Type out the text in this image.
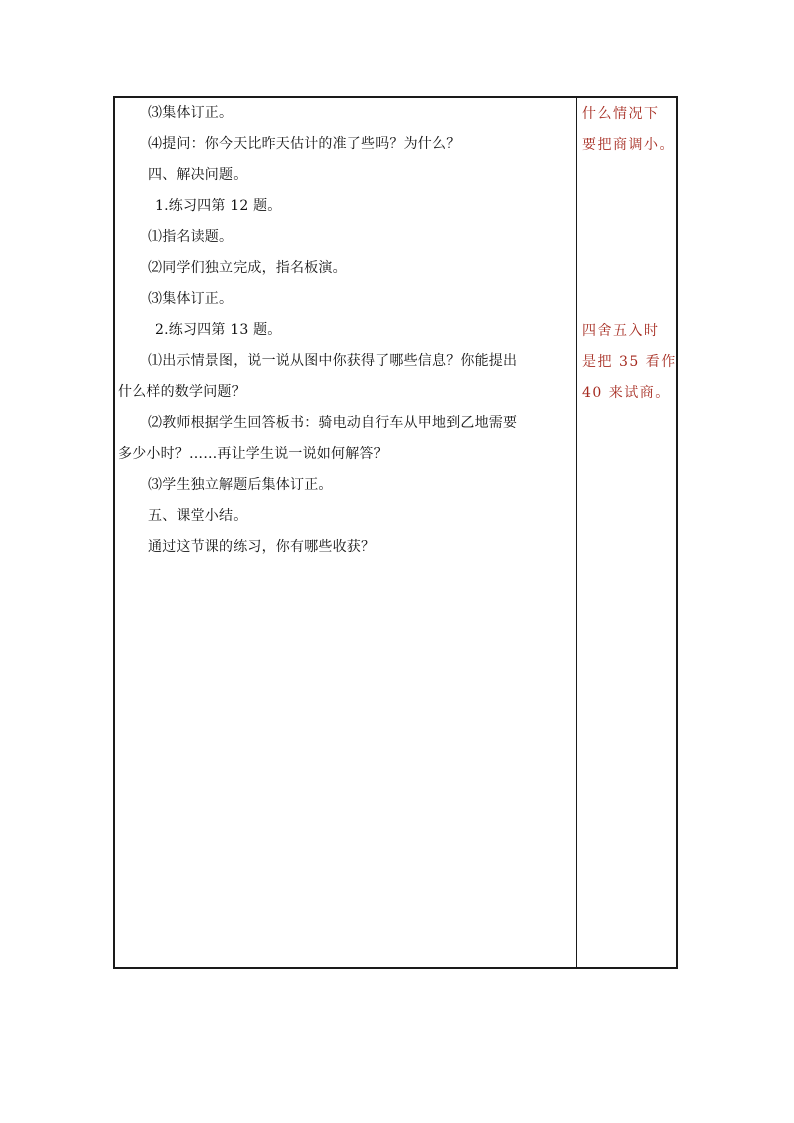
⑶集体订正。
⑷提问：你今天比昨天估计的准了些吗？为什么？
四、解决问题。
1.练习四第 12 题。
⑴指名读题。
⑵同学们独立完成，指名板演。
⑶集体订正。
2.练习四第 13 题。
⑴出示情景图，说一说从图中你获得了哪些信息？你能提出
什么样的数学问题？
⑵教师根据学生回答板书：骑电动自行车从甲地到乙地需要
多少小时？……再让学生说一说如何解答？
⑶学生独立解题后集体订正。
五、课堂小结。
通过这节课的练习，你有哪些收获？
什么情况下
要把商调小。
四舍五入时
是把 35 看作
40 来试商。
